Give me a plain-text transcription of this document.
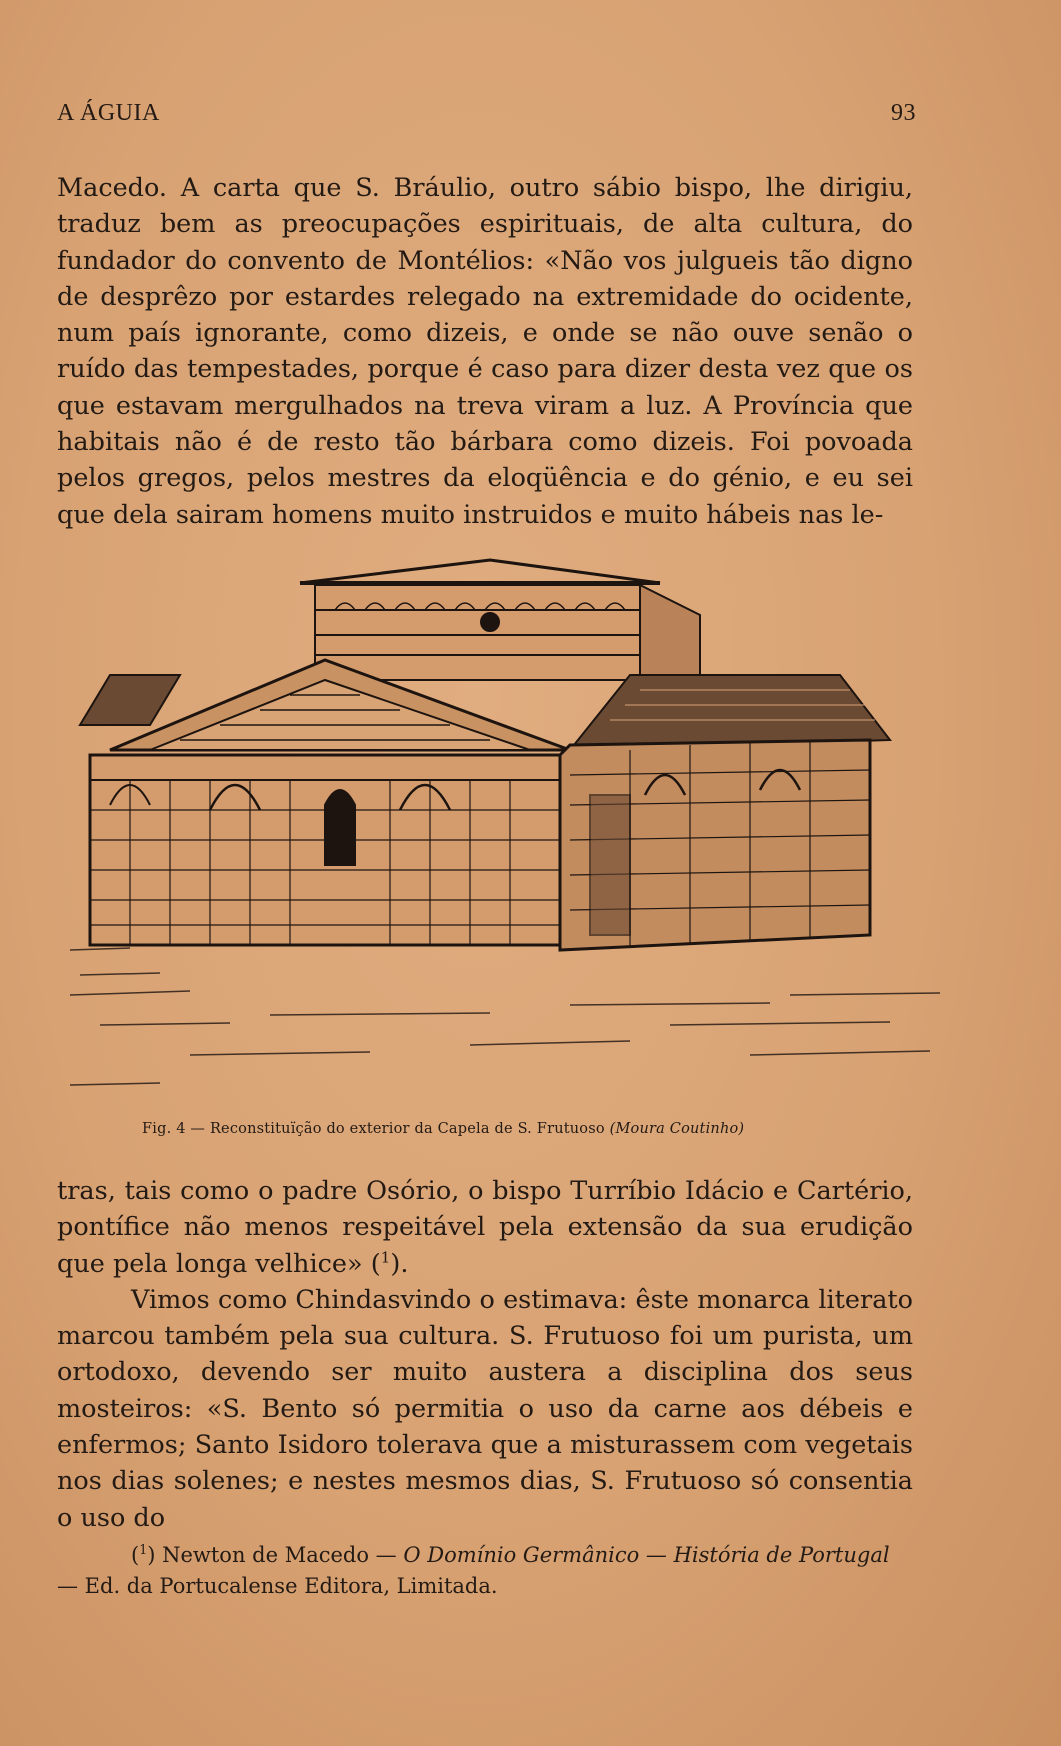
A ÁGUIA	93

Macedo. A carta que S. Bráulio, outro sábio bispo, lhe dirigiu, traduz bem as preocupações espirituais, de alta cultura, do fundador do convento de Montélios: «Não vos julgueis tão digno de desprêzo por estardes relegado na extremidade do ocidente, num país ignorante, como dizeis, e onde se não ouve senão o ruído das tempestades, porque é caso para dizer desta vez que os que estavam mergulhados na treva viram a luz. A Província que habitais não é de resto tão bárbara como dizeis. Foi povoada pelos gregos, pelos mestres da eloqüência e do génio, e eu sei que dela sairam homens muito instruidos e muito hábeis nas le-

Fig. 4 — Reconstituïção do exterior da Capela de S. Frutuoso (Moura Coutinho)

tras, tais como o padre Osório, o bispo Turríbio Idácio e Cartério, pontífice não menos respeitável pela extensão da sua erudição que pela longa velhice» ($^1$).

Vimos como Chindasvindo o estimava: êste monarca literato marcou também pela sua cultura. S. Frutuoso foi um purista, um ortodoxo, devendo ser muito austera a disciplina dos seus mosteiros: «S. Bento só permitia o uso da carne aos débeis e enfermos; Santo Isidoro tolerava que a misturassem com vegetais nos dias solenes; e nestes mesmos dias, S. Frutuoso só consentia o uso do

($^1$) Newton de Macedo — O Domínio Germânico — História de Portugal
— Ed. da Portucalense Editora, Limitada.
